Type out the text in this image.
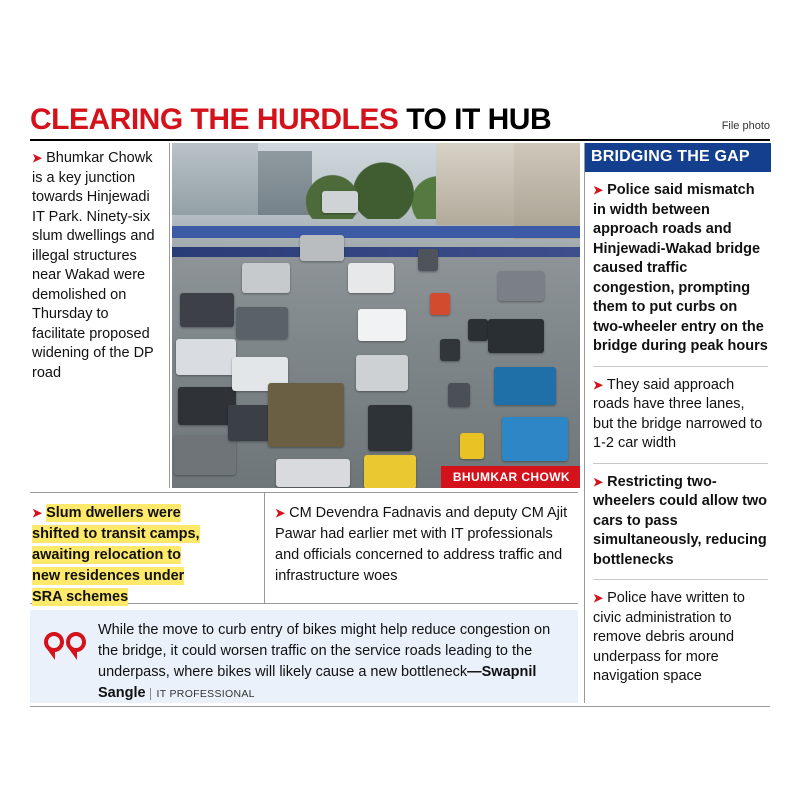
CLEARING THE HURDLES TO IT HUB	File photo
➤ Bhumkar Chowk is a key junction towards Hinjewadi IT Park. Ninety-six slum dwellings and illegal structures near Wakad were demolished on Thursday to facilitate proposed widening of the DP road
BHUMKAR CHOWK
BRIDGING THE GAP
➤ Police said mismatch in width between approach roads and Hinjewadi-Wakad bridge caused traffic congestion, prompting them to put curbs on two-wheeler entry on the bridge during peak hours
➤ They said approach roads have three lanes, but the bridge narrowed to 1-2 car width
➤ Restricting two-wheelers could allow two cars to pass simultaneously, reducing bottlenecks
➤ Police have written to civic administration to remove debris around underpass for more navigation space
➤ Slum dwellers were
shifted to transit camps,
awaiting relocation to
new residences under
SRA schemes
➤ CM Devendra Fadnavis and deputy CM Ajit Pawar had earlier met with IT professionals and officials concerned to address traffic and infrastructure woes
While the move to curb entry of bikes might help reduce congestion on the bridge, it could worsen traffic on the service roads leading to the underpass, where bikes will likely cause a new bottleneck—Swapnil Sangle IT PROFESSIONAL
